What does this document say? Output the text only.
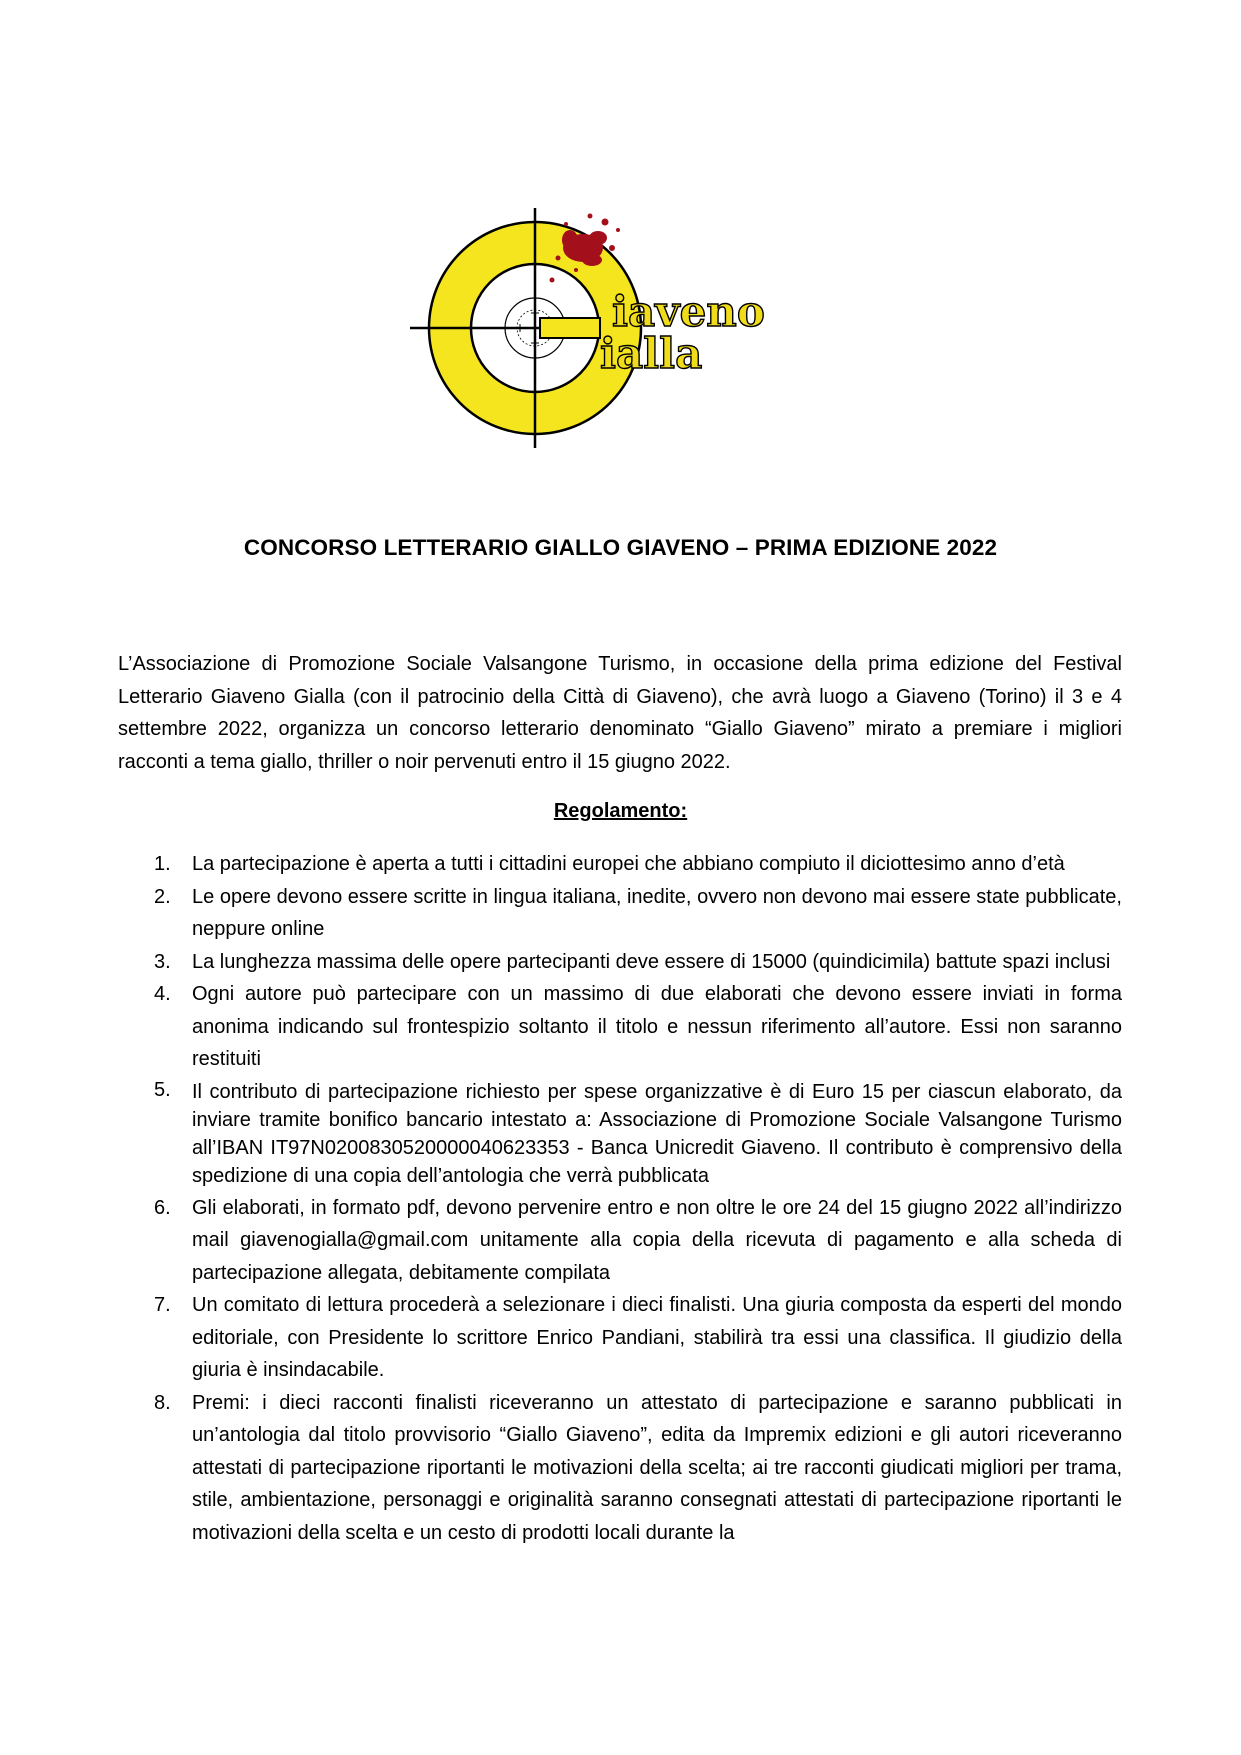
iaveno
ialla
CONCORSO LETTERARIO GIALLO GIAVENO – PRIMA EDIZIONE 2022

L’Associazione di Promozione Sociale Valsangone Turismo, in occasione della prima edizione del Festival Letterario Giaveno Gialla (con il patrocinio della Città di Giaveno), che avrà luogo a Giaveno (Torino) il 3 e 4 settembre 2022, organizza un concorso letterario denominato “Giallo Giaveno” mirato a premiare i migliori racconti a tema giallo, thriller o noir pervenuti entro il 15 giugno 2022.

Regolamento:
1.	La partecipazione è aperta a tutti i cittadini europei che abbiano compiuto il diciottesimo anno d’età
2.	Le opere devono essere scritte in lingua italiana, inedite, ovvero non devono mai essere state pubblicate, neppure online
3.	La lunghezza massima delle opere partecipanti deve essere di 15000 (quindicimila) battute spazi inclusi
4.	Ogni autore può partecipare con un massimo di due elaborati che devono essere inviati in forma anonima indicando sul frontespizio soltanto il titolo e nessun riferimento all’autore. Essi non saranno restituiti
5.	Il contributo di partecipazione richiesto per spese organizzative è di Euro 15 per ciascun elaborato, da inviare tramite bonifico bancario intestato a: Associazione di Promozione Sociale Valsangone Turismo all’IBAN IT97N0200830520000040623353 - Banca Unicredit Giaveno. Il contributo è comprensivo della spedizione di una copia dell’antologia che verrà pubblicata
6.	Gli elaborati, in formato pdf, devono pervenire entro e non oltre le ore 24 del 15 giugno 2022 all’indirizzo mail giavenogialla@gmail.com unitamente alla copia della ricevuta di pagamento e alla scheda di partecipazione allegata, debitamente compilata
7.	Un comitato di lettura procederà a selezionare i dieci finalisti. Una giuria composta da esperti del mondo editoriale, con Presidente lo scrittore Enrico Pandiani, stabilirà tra essi una classifica. Il giudizio della giuria è insindacabile.
8.	Premi: i dieci racconti finalisti riceveranno un attestato di partecipazione e saranno pubblicati in un’antologia dal titolo provvisorio “Giallo Giaveno”, edita da Impremix edizioni e gli autori riceveranno attestati di partecipazione riportanti le motivazioni della scelta; ai tre racconti giudicati migliori per trama, stile, ambientazione, personaggi e originalità saranno consegnati attestati di partecipazione riportanti le motivazioni della scelta e un cesto di prodotti locali durante la
